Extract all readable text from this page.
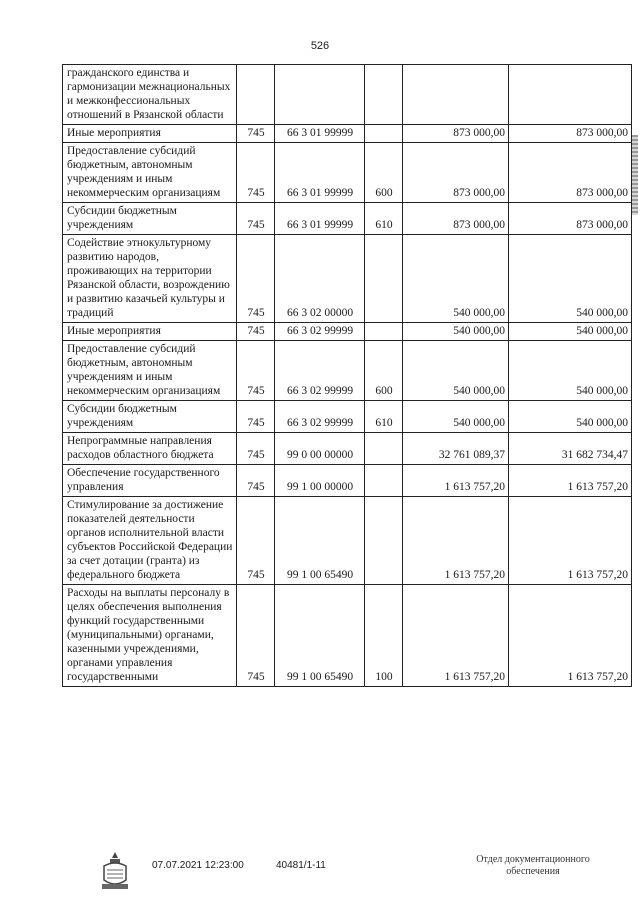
526
гражданского единства и гармонизации межнациональных и межконфессиональных отношений в Рязанской области					
Иные мероприятия	745	66 3 01 99999		873 000,00	873 000,00
Предоставление субсидий бюджетным, автономным учреждениям и иным некоммерческим организациям	745	66 3 01 99999	600	873 000,00	873 000,00
Субсидии бюджетным учреждениям	745	66 3 01 99999	610	873 000,00	873 000,00
Содействие этнокультурному развитию народов, проживающих на территории Рязанской области, возрождению и развитию казачьей культуры и традиций	745	66 3 02 00000		540 000,00	540 000,00
Иные мероприятия	745	66 3 02 99999		540 000,00	540 000,00
Предоставление субсидий бюджетным, автономным учреждениям и иным некоммерческим организациям	745	66 3 02 99999	600	540 000,00	540 000,00
Субсидии бюджетным учреждениям	745	66 3 02 99999	610	540 000,00	540 000,00
Непрограммные направления расходов областного бюджета	745	99 0 00 00000		32 761 089,37	31 682 734,47
Обеспечение государственного управления	745	99 1 00 00000		1 613 757,20	1 613 757,20
Стимулирование за достижение показателей деятельности органов исполнительной власти субъектов Российской Федерации за счет дотации (гранта) из федерального бюджета	745	99 1 00 65490		1 613 757,20	1 613 757,20
Расходы на выплаты персоналу в целях обеспечения выполнения функций государственными (муниципальными) органами, казенными учреждениями, органами управления государственными	745	99 1 00 65490	100	1 613 757,20	1 613 757,20
07.07.2021 12:23:00	40481/1-11
Отдел документационного
обеспечения
